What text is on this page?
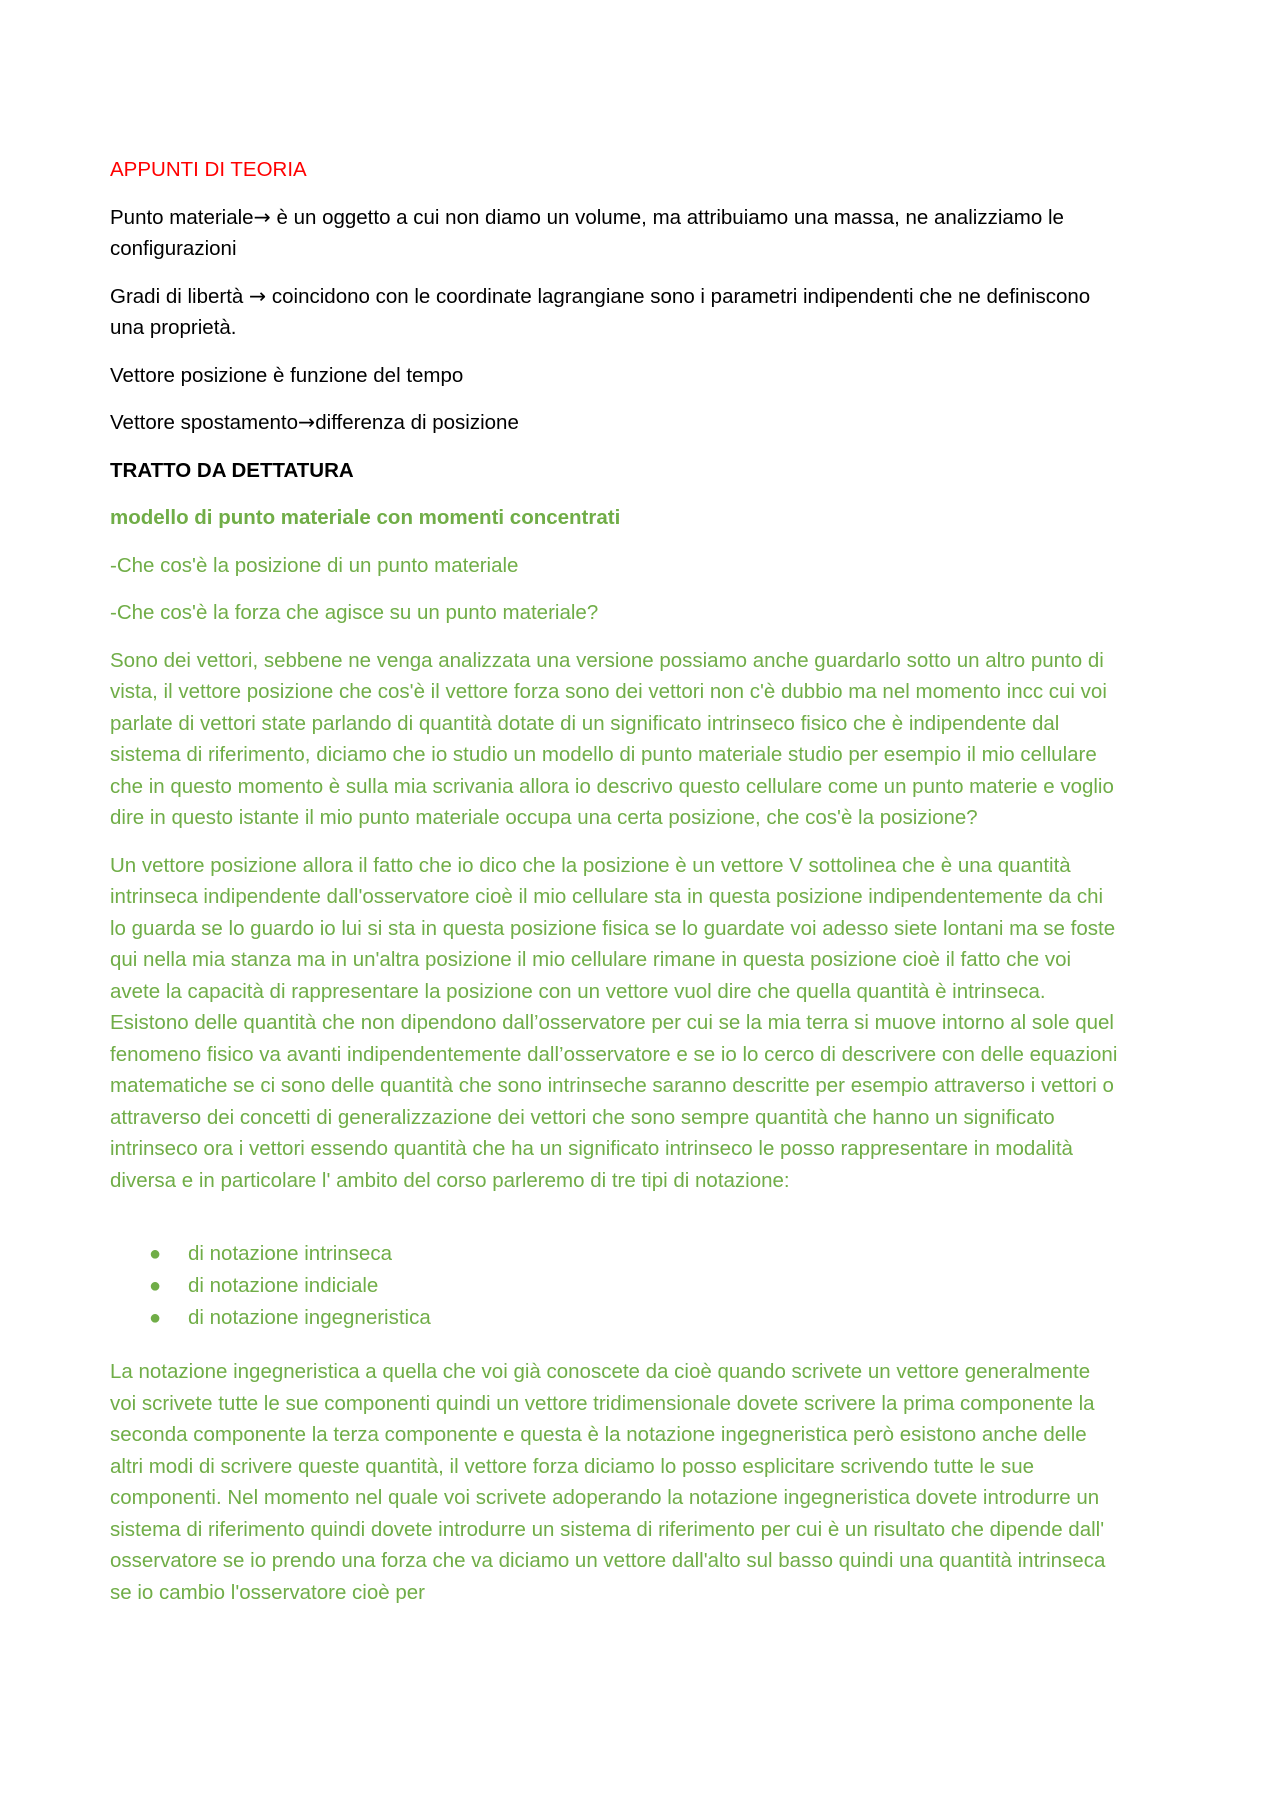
APPUNTI DI TEORIA

Punto materiale→ è un oggetto a cui non diamo un volume, ma attribuiamo una massa, ne analizziamo le configurazioni

Gradi di libertà → coincidono con le coordinate lagrangiane sono i parametri indipendenti che ne definiscono una proprietà.

Vettore posizione è funzione del tempo

Vettore spostamento→differenza di posizione

TRATTO DA DETTATURA

modello di punto materiale con momenti concentrati

-Che cos'è la posizione di un punto materiale

-Che cos'è la forza che agisce su un punto materiale?

Sono dei vettori, sebbene ne venga analizzata una versione possiamo anche guardarlo sotto un altro punto di vista, il vettore posizione che cos'è il vettore forza sono dei vettori non c'è dubbio ma nel momento incc cui voi parlate di vettori state parlando di quantità dotate di un significato intrinseco fisico che è indipendente dal sistema di riferimento, diciamo che io studio un modello di punto materiale studio per esempio il mio cellulare che in questo momento è sulla mia scrivania allora io descrivo questo cellulare come un punto materie e voglio dire in questo istante il mio punto materiale occupa una certa posizione, che cos'è la posizione?

Un vettore posizione allora il fatto che io dico che la posizione è un vettore V sottolinea che è una quantità intrinseca indipendente dall'osservatore cioè il mio cellulare sta in questa posizione indipendentemente da chi lo guarda se lo guardo io lui si sta in questa posizione fisica se lo guardate voi adesso siete lontani ma se foste qui nella mia stanza ma in un'altra posizione il mio cellulare rimane in questa posizione cioè il fatto che voi avete la capacità di rappresentare la posizione con un vettore vuol dire che quella quantità è intrinseca. Esistono delle quantità che non dipendono dall’osservatore per cui se la mia terra si muove intorno al sole quel fenomeno fisico va avanti indipendentemente dall’osservatore e se io lo cerco di descrivere con delle equazioni matematiche se ci sono delle quantità che sono intrinseche saranno descritte per esempio attraverso i vettori o attraverso dei concetti di generalizzazione dei vettori che sono sempre quantità che hanno un significato intrinseco ora i vettori essendo quantità che ha un significato intrinseco le posso rappresentare in modalità diversa e in particolare l' ambito del corso parleremo di tre tipi di notazione:

● di notazione intrinseca
● di notazione indiciale
● di notazione ingegneristica

La notazione ingegneristica a quella che voi già conoscete da cioè quando scrivete un vettore generalmente voi scrivete tutte le sue componenti quindi un vettore tridimensionale dovete scrivere la prima componente la seconda componente la terza componente e questa è la notazione ingegneristica però esistono anche delle altri modi di scrivere queste quantità, il vettore forza diciamo lo posso esplicitare scrivendo tutte le sue componenti. Nel momento nel quale voi scrivete adoperando la notazione ingegneristica dovete introdurre un sistema di riferimento quindi dovete introdurre un sistema di riferimento per cui è un risultato che dipende dall' osservatore se io prendo una forza che va diciamo un vettore dall'alto sul basso quindi una quantità intrinseca se io cambio l'osservatore cioè per
